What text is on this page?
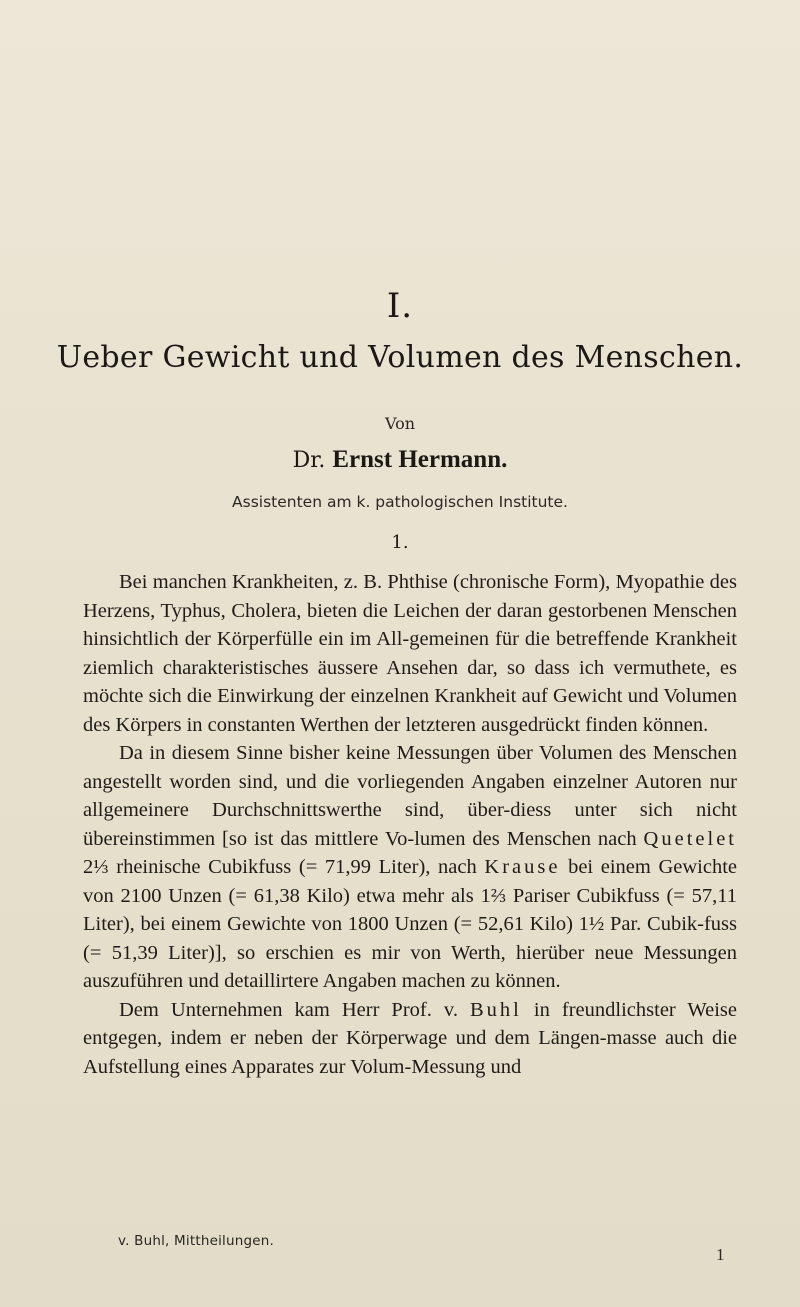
I.
Ueber Gewicht und Volumen des Menschen.
Von
Dr. Ernst Hermann.
Assistenten am k. pathologischen Institute.
1.

Bei manchen Krankheiten, z. B. Phthise (chronische Form), Myopathie des Herzens, Typhus, Cholera, bieten die Leichen der daran gestorbenen Menschen hinsichtlich der Körperfülle ein im All-gemeinen für die betreffende Krankheit ziemlich charakteristisches äussere Ansehen dar, so dass ich vermuthete, es möchte sich die Einwirkung der einzelnen Krankheit auf Gewicht und Volumen des Körpers in constanten Werthen der letzteren ausgedrückt finden können.

Da in diesem Sinne bisher keine Messungen über Volumen des Menschen angestellt worden sind, und die vorliegenden Angaben einzelner Autoren nur allgemeinere Durchschnittswerthe sind, über-diess unter sich nicht übereinstimmen [so ist das mittlere Vo-lumen des Menschen nach Quetelet 2⅓ rheinische Cubikfuss (= 71,99 Liter), nach Krause bei einem Gewichte von 2100 Unzen (= 61,38 Kilo) etwa mehr als 1⅔ Pariser Cubikfuss (= 57,11 Liter), bei einem Gewichte von 1800 Unzen (= 52,61 Kilo) 1½ Par. Cubik-fuss (= 51,39 Liter)], so erschien es mir von Werth, hierüber neue Messungen auszuführen und detaillirtere Angaben machen zu können.

Dem Unternehmen kam Herr Prof. v. Buhl in freundlichster Weise entgegen, indem er neben der Körperwage und dem Längen-masse auch die Aufstellung eines Apparates zur Volum-Messung und

v. Buhl, Mittheilungen.
1
